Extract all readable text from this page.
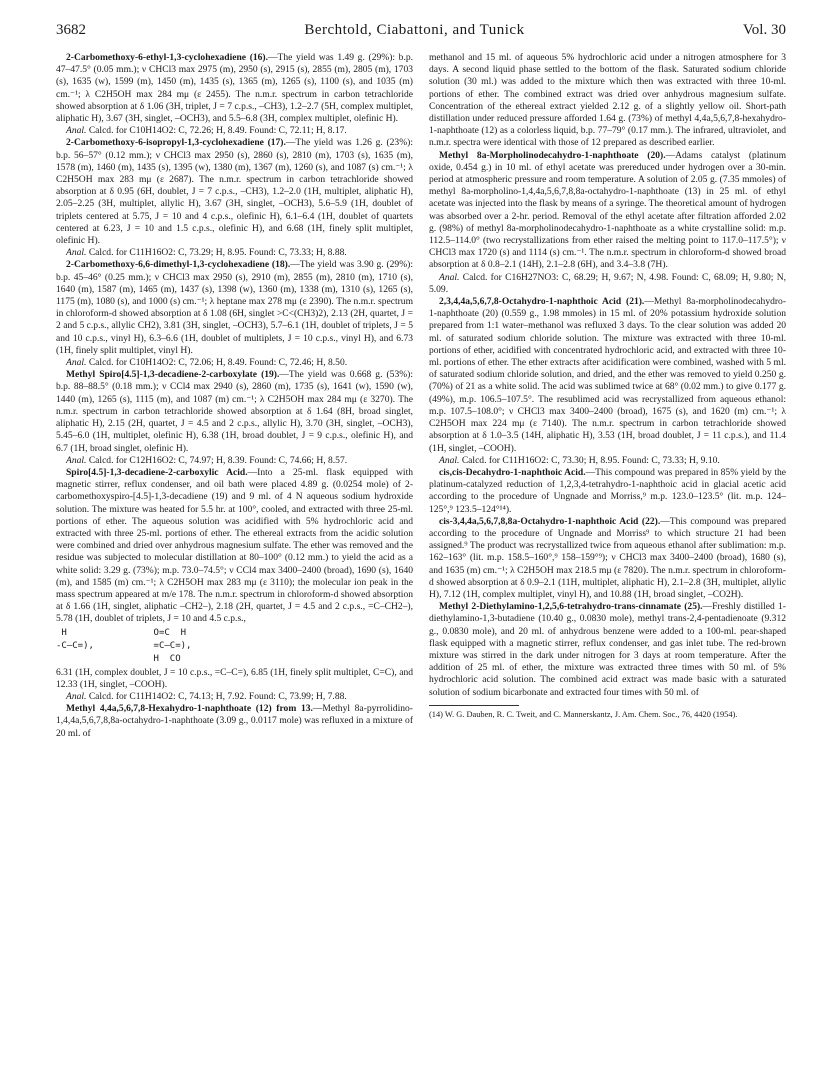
3682	Berchtold, Ciabattoni, and Tunick	Vol. 30

2-Carbomethoxy-6-ethyl-1,3-cyclohexadiene (16).—The yield was 1.49 g. (29%): b.p. 47–47.5° (0.05 mm.); ν CHCl3 max 2975 (m), 2950 (s), 2915 (s), 2855 (m), 2805 (m), 1703 (s), 1635 (w), 1599 (m), 1450 (m), 1435 (s), 1365 (m), 1265 (s), 1100 (s), and 1035 (m) cm.⁻¹; λ C2H5OH max 284 mμ (ε 2455). The n.m.r. spectrum in carbon tetrachloride showed absorption at δ 1.06 (3H, triplet, J = 7 c.p.s., –CH3), 1.2–2.7 (5H, complex multiplet, aliphatic H), 3.67 (3H, singlet, –OCH3), and 5.5–6.8 (3H, complex multiplet, olefinic H).

Anal. Calcd. for C10H14O2: C, 72.26; H, 8.49. Found: C, 72.11; H, 8.17.

2-Carbomethoxy-6-isopropyl-1,3-cyclohexadiene (17).—The yield was 1.26 g. (23%): b.p. 56–57° (0.12 mm.); ν CHCl3 max 2950 (s), 2860 (s), 2810 (m), 1703 (s), 1635 (m), 1578 (m), 1460 (m), 1435 (s), 1395 (w), 1380 (m), 1367 (m), 1260 (s), and 1087 (s) cm.⁻¹; λ C2H5OH max 283 mμ (ε 2687). The n.m.r. spectrum in carbon tetrachloride showed absorption at δ 0.95 (6H, doublet, J = 7 c.p.s., –CH3), 1.2–2.0 (1H, multiplet, aliphatic H), 2.05–2.25 (3H, multiplet, allylic H), 3.67 (3H, singlet, –OCH3), 5.6–5.9 (1H, doublet of triplets centered at 5.75, J = 10 and 4 c.p.s., olefinic H), 6.1–6.4 (1H, doublet of quartets centered at 6.23, J = 10 and 1.5 c.p.s., olefinic H), and 6.68 (1H, finely split multiplet, olefinic H).

Anal. Calcd. for C11H16O2: C, 73.29; H, 8.95. Found: C, 73.33; H, 8.88.

2-Carbomethoxy-6,6-dimethyl-1,3-cyclohexadiene (18).—The yield was 3.90 g. (29%): b.p. 45–46° (0.25 mm.); ν CHCl3 max 2950 (s), 2910 (m), 2855 (m), 2810 (m), 1710 (s), 1640 (m), 1587 (m), 1465 (m), 1437 (s), 1398 (w), 1360 (m), 1338 (m), 1310 (s), 1265 (s), 1175 (m), 1080 (s), and 1000 (s) cm.⁻¹; λ heptane max 278 mμ (ε 2390). The n.m.r. spectrum in chloroform-d showed absorption at δ 1.08 (6H, singlet >C<(CH3)2), 2.13 (2H, quartet, J = 2 and 5 c.p.s., allylic CH2), 3.81 (3H, singlet, –OCH3), 5.7–6.1 (1H, doublet of triplets, J = 5 and 10 c.p.s., vinyl H), 6.3–6.6 (1H, doublet of multiplets, J = 10 c.p.s., vinyl H), and 6.73 (1H, finely split multiplet, vinyl H).

Anal. Calcd. for C10H14O2: C, 72.06; H, 8.49. Found: C, 72.46; H, 8.50.

Methyl Spiro[4.5]-1,3-decadiene-2-carboxylate (19).—The yield was 0.668 g. (53%): b.p. 88–88.5° (0.18 mm.); ν CCl4 max 2940 (s), 2860 (m), 1735 (s), 1641 (w), 1590 (w), 1440 (m), 1265 (s), 1115 (m), and 1087 (m) cm.⁻¹; λ C2H5OH max 284 mμ (ε 3270). The n.m.r. spectrum in carbon tetrachloride showed absorption at δ 1.64 (8H, broad singlet, aliphatic H), 2.15 (2H, quartet, J = 4.5 and 2 c.p.s., allylic H), 3.70 (3H, singlet, –OCH3), 5.45–6.0 (1H, multiplet, olefinic H), 6.38 (1H, broad doublet, J = 9 c.p.s., olefinic H), and 6.7 (1H, broad singlet, olefinic H).

Anal. Calcd. for C12H16O2: C, 74.97; H, 8.39. Found: C, 74.66; H, 8.57.

Spiro[4.5]-1,3-decadiene-2-carboxylic Acid.—Into a 25-ml. flask equipped with magnetic stirrer, reflux condenser, and oil bath were placed 4.89 g. (0.0254 mole) of 2-carbomethoxyspiro-[4.5]-1,3-decadiene (19) and 9 ml. of 4 N aqueous sodium hydroxide solution. The mixture was heated for 5.5 hr. at 100°, cooled, and extracted with three 25-ml. portions of ether. The aqueous solution was acidified with 5% hydrochloric acid and extracted with three 25-ml. portions of ether. The ethereal extracts from the acidic solution were combined and dried over anhydrous magnesium sulfate. The ether was removed and the residue was subjected to molecular distillation at 80–100° (0.12 mm.) to yield the acid as a white solid: 3.29 g. (73%); m.p. 73.0–74.5°; ν CCl4 max 3400–2400 (broad), 1690 (s), 1640 (m), and 1585 (m) cm.⁻¹; λ C2H5OH max 283 mμ (ε 3110); the molecular ion peak in the mass spectrum appeared at m/e 178. The n.m.r. spectrum in chloroform-d showed absorption at δ 1.66 (1H, singlet, aliphatic –CH2–), 2.18 (2H, quartet, J = 4.5 and 2 c.p.s., =C–CH2–), 5.78 (1H, doublet of triplets, J = 10 and 4.5 c.p.s.,

H                O=C  H
-C–C=),           =C–C=),
H  CO

6.31 (1H, complex doublet, J = 10 c.p.s., =C–C=), 6.85 (1H, finely split multiplet, C=C), and 12.33 (1H, singlet, –COOH).

Anal. Calcd. for C11H14O2: C, 74.13; H, 7.92. Found: C, 73.99; H, 7.88.

Methyl 4,4a,5,6,7,8-Hexahydro-1-naphthoate (12) from 13.—Methyl 8a-pyrrolidino-1,4,4a,5,6,7,8,8a-octahydro-1-naphthoate (3.09 g., 0.0117 mole) was refluxed in a mixture of 20 ml. of

methanol and 15 ml. of aqueous 5% hydrochloric acid under a nitrogen atmosphere for 3 days. A second liquid phase settled to the bottom of the flask. Saturated sodium chloride solution (30 ml.) was added to the mixture which then was extracted with three 10-ml. portions of ether. The combined extract was dried over anhydrous magnesium sulfate. Concentration of the ethereal extract yielded 2.12 g. of a slightly yellow oil. Short-path distillation under reduced pressure afforded 1.64 g. (73%) of methyl 4,4a,5,6,7,8-hexahydro-1-naphthoate (12) as a colorless liquid, b.p. 77–79° (0.17 mm.). The infrared, ultraviolet, and n.m.r. spectra were identical with those of 12 prepared as described earlier.

Methyl 8a-Morpholinodecahydro-1-naphthoate (20).—Adams catalyst (platinum oxide, 0.454 g.) in 10 ml. of ethyl acetate was prereduced under hydrogen over a 30-min. period at atmospheric pressure and room temperature. A solution of 2.05 g. (7.35 mmoles) of methyl 8a-morpholino-1,4,4a,5,6,7,8,8a-octahydro-1-naphthoate (13) in 25 ml. of ethyl acetate was injected into the flask by means of a syringe. The theoretical amount of hydrogen was absorbed over a 2-hr. period. Removal of the ethyl acetate after filtration afforded 2.02 g. (98%) of methyl 8a-morpholinodecahydro-1-naphthoate as a white crystalline solid: m.p. 112.5–114.0° (two recrystallizations from ether raised the melting point to 117.0–117.5°); ν CHCl3 max 1720 (s) and 1114 (s) cm.⁻¹. The n.m.r. spectrum in chloroform-d showed broad absorption at δ 0.8–2.1 (14H), 2.1–2.8 (6H), and 3.4–3.8 (7H).

Anal. Calcd. for C16H27NO3: C, 68.29; H, 9.67; N, 4.98. Found: C, 68.09; H, 9.80; N, 5.09.

2,3,4,4a,5,6,7,8-Octahydro-1-naphthoic Acid (21).—Methyl 8a-morpholinodecahydro-1-naphthoate (20) (0.559 g., 1.98 mmoles) in 15 ml. of 20% potassium hydroxide solution prepared from 1:1 water–methanol was refluxed 3 days. To the clear solution was added 20 ml. of saturated sodium chloride solution. The mixture was extracted with three 10-ml. portions of ether, acidified with concentrated hydrochloric acid, and extracted with three 10-ml. portions of ether. The ether extracts after acidification were combined, washed with 5 ml. of saturated sodium chloride solution, and dried, and the ether was removed to yield 0.250 g. (70%) of 21 as a white solid. The acid was sublimed twice at 68° (0.02 mm.) to give 0.177 g. (49%), m.p. 106.5–107.5°. The resublimed acid was recrystallized from aqueous ethanol: m.p. 107.5–108.0°; ν CHCl3 max 3400–2400 (broad), 1675 (s), and 1620 (m) cm.⁻¹; λ C2H5OH max 224 mμ (ε 7140). The n.m.r. spectrum in carbon tetrachloride showed absorption at δ 1.0–3.5 (14H, aliphatic H), 3.53 (1H, broad doublet, J = 11 c.p.s.), and 11.4 (1H, singlet, –COOH).

Anal. Calcd. for C11H16O2: C, 73.30; H, 8.95. Found: C, 73.33; H, 9.10.

cis,cis-Decahydro-1-naphthoic Acid.—This compound was prepared in 85% yield by the platinum-catalyzed reduction of 1,2,3,4-tetrahydro-1-naphthoic acid in glacial acetic acid according to the procedure of Ungnade and Morriss,⁹ m.p. 123.0–123.5° (lit. m.p. 124–125°,⁹ 123.5–124°¹⁴).

cis-3,4,4a,5,6,7,8,8a-Octahydro-1-naphthoic Acid (22).—This compound was prepared according to the procedure of Ungnade and Morriss⁹ to which structure 21 had been assigned.⁹ The product was recrystallized twice from aqueous ethanol after sublimation: m.p. 162–163° (lit. m.p. 158.5–160°,⁹ 158–159°⁹); ν CHCl3 max 3400–2400 (broad), 1680 (s), and 1635 (m) cm.⁻¹; λ C2H5OH max 218.5 mμ (ε 7820). The n.m.r. spectrum in chloroform-d showed absorption at δ 0.9–2.1 (11H, multiplet, aliphatic H), 2.1–2.8 (3H, multiplet, allylic H), 7.12 (1H, complex multiplet, vinyl H), and 10.88 (1H, broad singlet, –CO2H).

Methyl 2-Diethylamino-1,2,5,6-tetrahydro-trans-cinnamate (25).—Freshly distilled 1-diethylamino-1,3-butadiene (10.40 g., 0.0830 mole), methyl trans-2,4-pentadienoate (9.312 g., 0.0830 mole), and 20 ml. of anhydrous benzene were added to a 100-ml. pear-shaped flask equipped with a magnetic stirrer, reflux condenser, and gas inlet tube. The red-brown mixture was stirred in the dark under nitrogen for 3 days at room temperature. After the addition of 25 ml. of ether, the mixture was extracted three times with 50 ml. of 5% hydrochloric acid solution. The combined acid extract was made basic with a saturated solution of sodium bicarbonate and extracted four times with 50 ml. of

(14) W. G. Dauben, R. C. Tweit, and C. Mannerskantz, J. Am. Chem. Soc., 76, 4420 (1954).
